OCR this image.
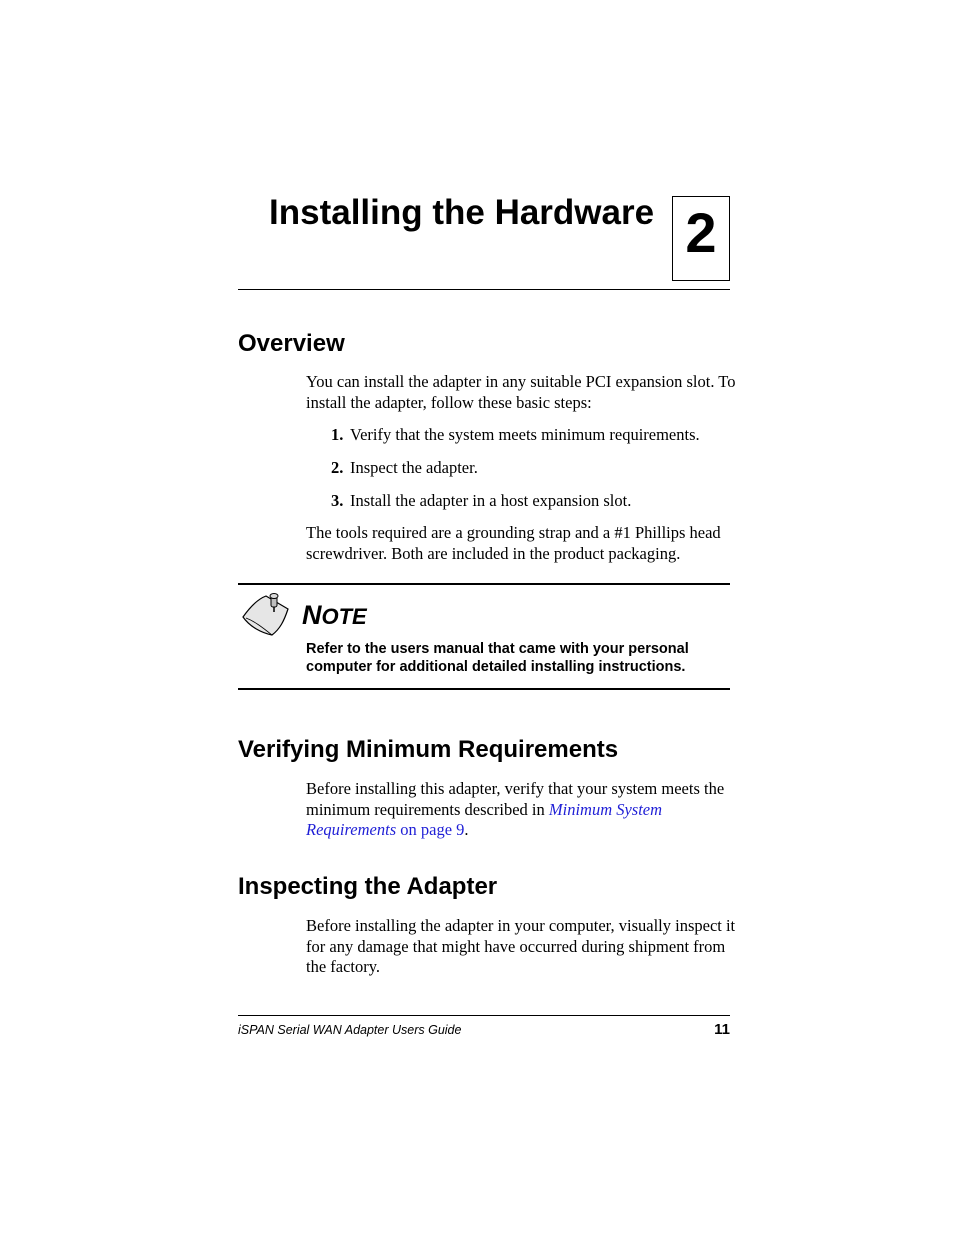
Installing the Hardware 2
Overview
You can install the adapter in any suitable PCI expansion slot. To install the adapter, follow these basic steps:
1. Verify that the system meets minimum requirements.
2. Inspect the adapter.
3. Install the adapter in a host expansion slot.
The tools required are a grounding strap and a #1 Phillips head screwdriver. Both are included in the product packaging.
NOTE
Refer to the users manual that came with your personal computer for additional detailed installing instructions.
Verifying Minimum Requirements
Before installing this adapter, verify that your system meets the minimum requirements described in Minimum System Requirements on page 9.
Inspecting the Adapter
Before installing the adapter in your computer, visually inspect it for any damage that might have occurred during shipment from the factory.
iSPAN Serial WAN Adapter Users Guide	11
